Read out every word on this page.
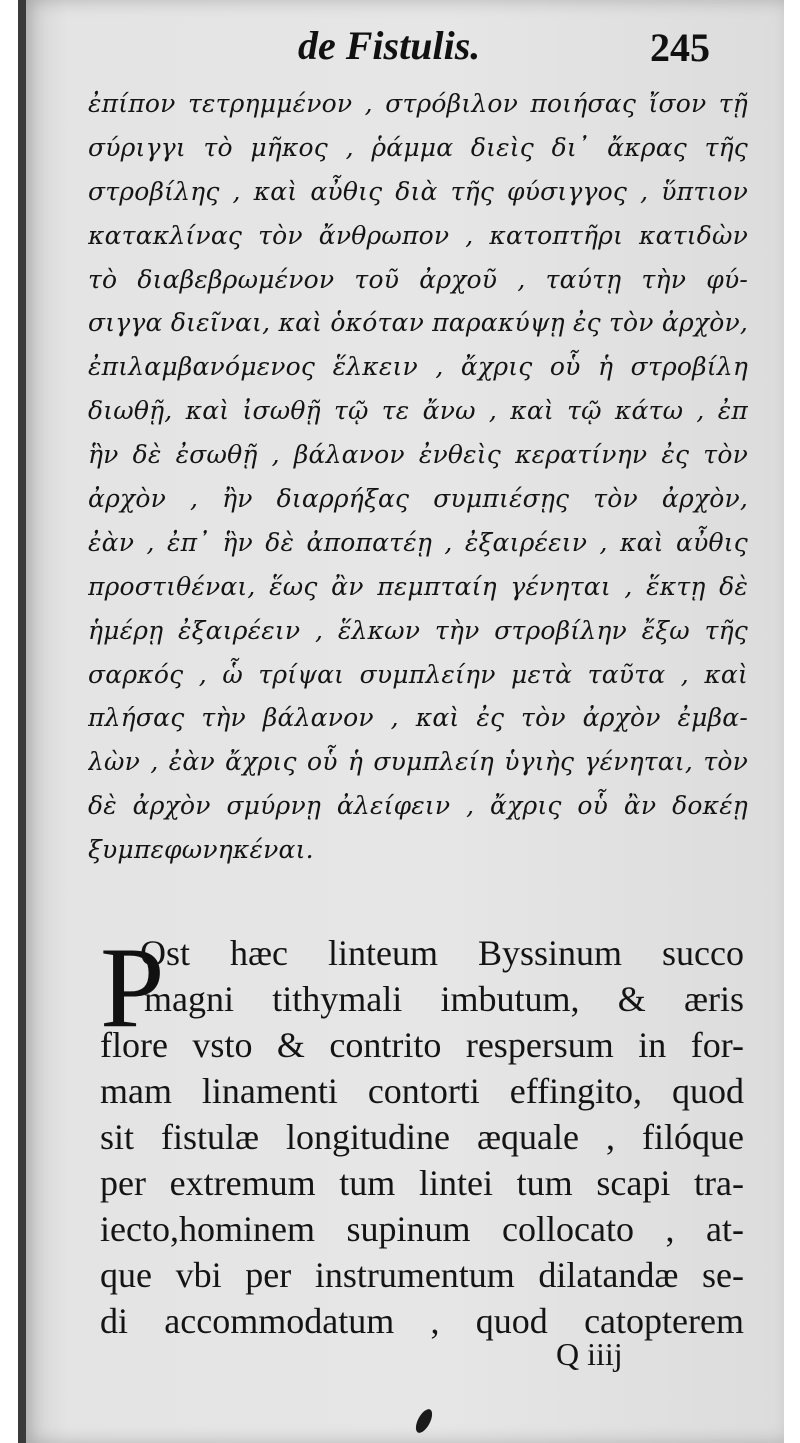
de Fistulis.	245
ἐπίπον τετρημμένον , στρόβιλον ποιήσας ἴσον τῇ
σύριγγι τὸ μῆκος , ῥάμμα διεὶς δι᾽ ἄκρας τῆς
στροβίλης , καὶ αὖθις διὰ τῆς φύσιγγος , ὕπτιον
κατακλίνας τὸν ἄνθρωπον , κατοπτῆρι κατιδὼν
τὸ διαβεβρωμένον τοῦ ἀρχοῦ , ταύτῃ τὴν φύ-
σιγγα διεῖναι, καὶ ὁκόταν παρακύψῃ ἐς τὸν ἀρχὸν,
ἐπιλαμβανόμενος ἕλκειν , ἄχρις οὗ ἡ στροβίλη
διωθῇ, καὶ ἰσωθῇ τῷ τε ἄνω , καὶ τῷ κάτω , ἐπ
ἣν δὲ ἐσωθῇ , βάλανον ἐνθεὶς κερατίνην ἐς τὸν
ἀρχὸν , ἢν διαρρήξας συμπιέσῃς τὸν ἀρχὸν,
ἐὰν , ἐπ᾽ ἣν δὲ ἀποπατέῃ , ἐξαιρέειν , καὶ αὖθις
προστιθέναι, ἕως ἂν πεμπταίη γένηται , ἕκτῃ δὲ
ἡμέρῃ ἐξαιρέειν , ἕλκων τὴν στροβίλην ἔξω τῆς
σαρκός , ὧ τρίψαι συμπλείην μετὰ ταῦτα , καὶ
πλήσας τὴν βάλανον , καὶ ἐς τὸν ἀρχὸν ἐμβα-
λὼν , ἐὰν ἄχρις οὗ ἡ συμπλείη ὑγιὴς γένηται, τὸν
δὲ ἀρχὸν σμύρνῃ ἀλείφειν , ἄχρις οὗ ἂν δοκέῃ
ξυμπεφωνηκέναι.
P
Ost hæc linteum Byssinum succo
magni tithymali imbutum, & æris
flore vsto & contrito respersum in for-
mam linamenti contorti effingito, quod
sit fistulæ longitudine æquale , filóque
per extremum tum lintei tum scapi tra-
iecto,hominem supinum collocato , at-
que vbi per instrumentum dilatandæ se-
di accommodatum , quod catopterem
Q iiij
